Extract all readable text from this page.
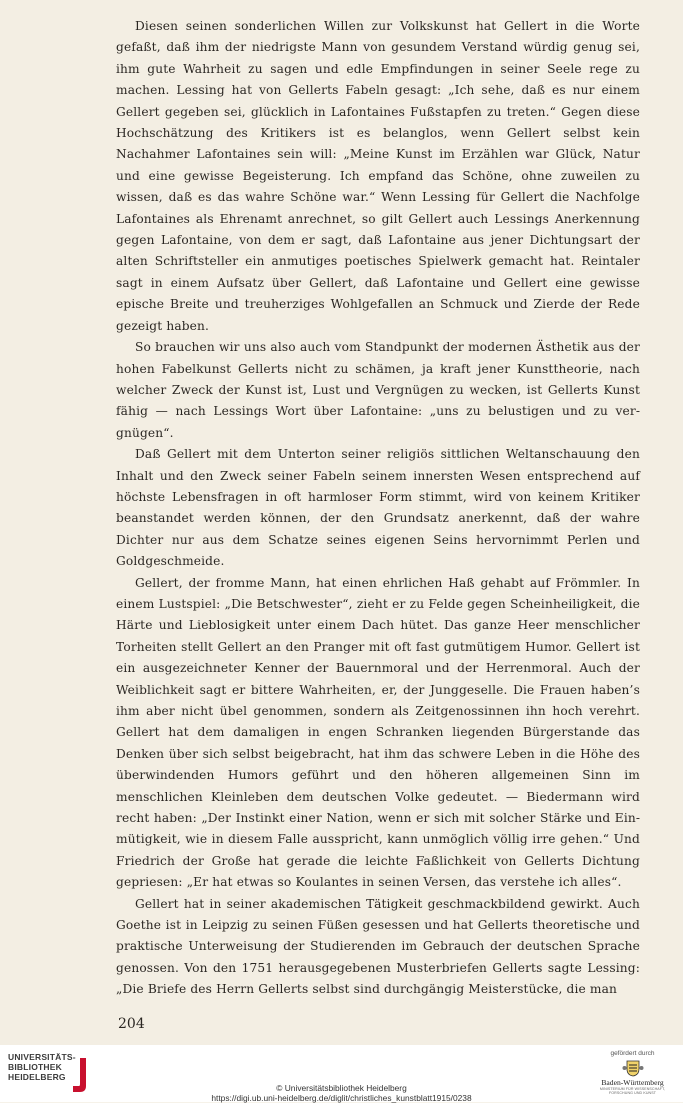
Diesen seinen sonderlichen Willen zur Volkskunst hat Gellert in die Worte gefaßt, daß ihm der niedrigste Mann von gesundem Verstand würdig genug sei, ihm gute Wahrheit zu sagen und edle Empfindungen in seiner Seele rege zu machen. Lessing hat von Gellerts Fabeln gesagt: „Ich sehe, daß es nur einem Gellert gegeben sei, glücklich in Lafontaines Fußstapfen zu treten.“ Gegen diese Hochschätzung des Kritikers ist es belanglos, wenn Gellert selbst kein Nachahmer Lafontaines sein will: „Meine Kunst im Erzählen war Glück, Natur und eine gewisse Begeisterung. Ich empfand das Schöne, ohne zuweilen zu wissen, daß es das wahre Schöne war.“ Wenn Lessing für Gellert die Nachfolge Lafontaines als Ehrenamt anrechnet, so gilt Gellert auch Lessings Anerkennung gegen Lafontaine, von dem er sagt, daß Lafontaine aus jener Dichtungsart der alten Schriftsteller ein anmutiges poetisches Spielwerk gemacht hat. Reintaler sagt in einem Aufsatz über Gellert, daß Lafontaine und Gellert eine gewisse epische Breite und treuherziges Wohlgefallen an Schmuck und Zierde der Rede gezeigt haben.

So brauchen wir uns also auch vom Standpunkt der modernen Ästhetik aus der hohen Fabelkunst Gellerts nicht zu schämen, ja kraft jener Kunsttheorie, nach welcher Zweck der Kunst ist, Lust und Vergnügen zu wecken, ist Gellerts Kunst fähig — nach Lessings Wort über Lafontaine: „uns zu belustigen und zu vergnügen“.

Daß Gellert mit dem Unterton seiner religiös sittlichen Weltanschauung den Inhalt und den Zweck seiner Fabeln seinem innersten Wesen entsprechend auf höchste Lebensfragen in oft harmloser Form stimmt, wird von keinem Kritiker beanstandet werden können, der den Grundsatz anerkennt, daß der wahre Dichter nur aus dem Schatze seines eigenen Seins hervornimmt Perlen und Goldgeschmeide.

Gellert, der fromme Mann, hat einen ehrlichen Haß gehabt auf Frömmler. In einem Lustspiel: „Die Betschwester“, zieht er zu Felde gegen Scheinheiligkeit, die Härte und Lieblosigkeit unter einem Dach hütet. Das ganze Heer menschlicher Torheiten stellt Gellert an den Pranger mit oft fast gutmütigem Humor. Gellert ist ein ausgezeichneter Kenner der Bauernmoral und der Herrenmoral. Auch der Weiblichkeit sagt er bittere Wahrheiten, er, der Junggeselle. Die Frauen haben’s ihm aber nicht übel genommen, sondern als Zeitgenossinnen ihn hoch verehrt. Gellert hat dem damaligen in engen Schranken liegenden Bürgerstande das Denken über sich selbst beigebracht, hat ihm das schwere Leben in die Höhe des überwindenden Humors geführt und den höheren allgemeinen Sinn im menschlichen Kleinleben dem deutschen Volke gedeutet. — Biedermann wird recht haben: „Der Instinkt einer Nation, wenn er sich mit solcher Stärke und Einmütigkeit, wie in diesem Falle ausspricht, kann unmöglich völlig irre gehen.“ Und Friedrich der Große hat gerade die leichte Faßlichkeit von Gellerts Dichtung gepriesen: „Er hat etwas so Koulantes in seinen Versen, das verstehe ich alles“.

Gellert hat in seiner akademischen Tätigkeit geschmackbildend gewirkt. Auch Goethe ist in Leipzig zu seinen Füßen gesessen und hat Gellerts theoretische und praktische Unterweisung der Studierenden im Gebrauch der deutschen Sprache genossen. Von den 1751 herausgegebenen Musterbriefen Gellerts sagte Lessing: „Die Briefe des Herrn Gellerts selbst sind durchgängig Meisterstücke, die man

204
UNIVERSITÄTS-
BIBLIOTHEK
HEIDELBERG
© Universitätsbibliothek Heidelberg
https://digi.ub.uni-heidelberg.de/diglit/christliches_kunstblatt1915/0238
gefördert durch
Baden-Württemberg
MINISTERIUM FÜR WISSENSCHAFT, FORSCHUNG UND KUNST
